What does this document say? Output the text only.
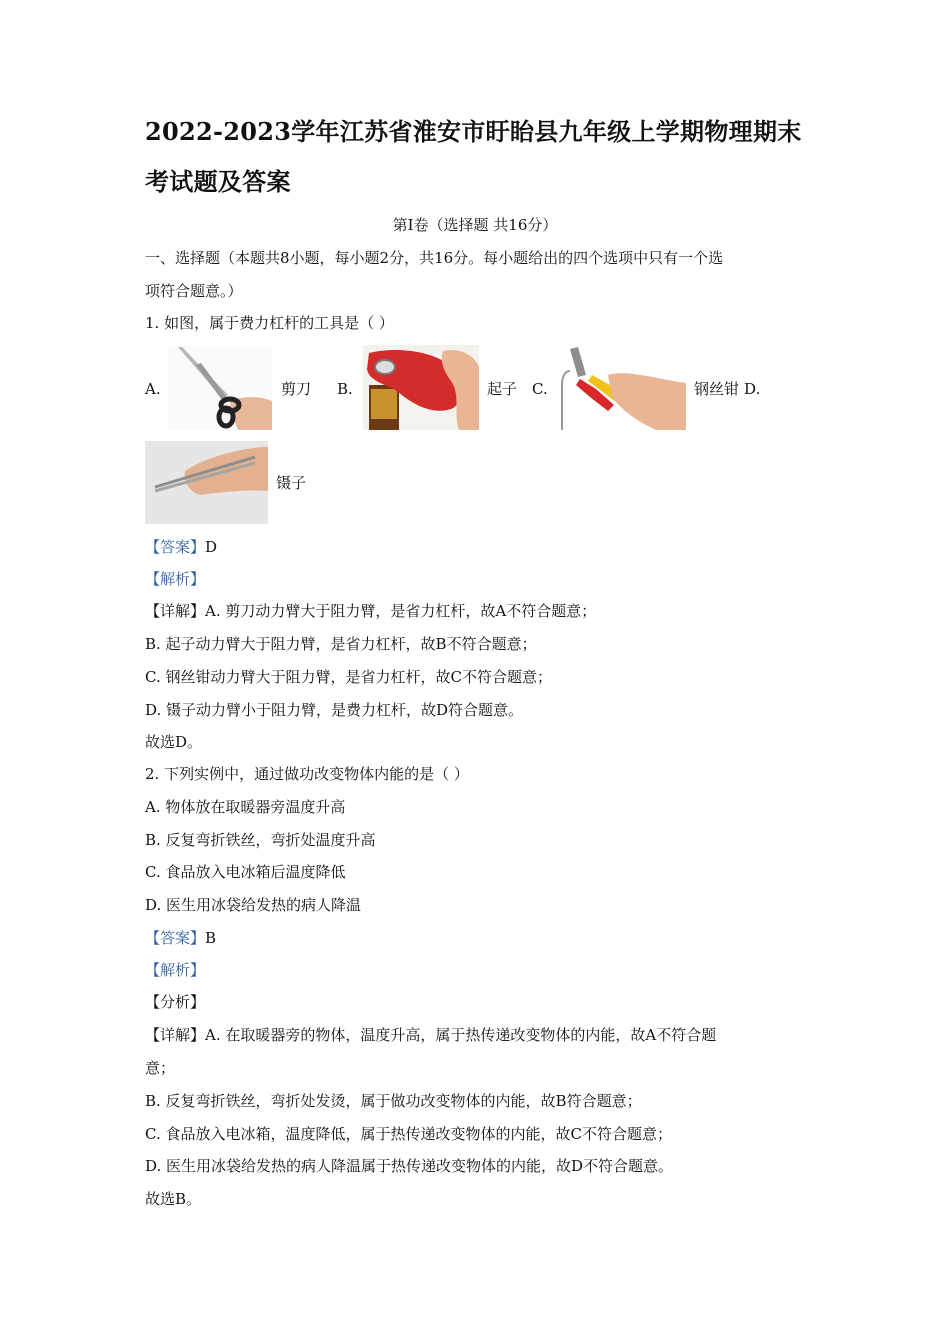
2022-2023学年江苏省淮安市盱眙县九年级上学期物理期末
考试题及答案
第Ⅰ卷（选择题 共16分）
一、选择题（本题共8小题，每小题2分，共16分。每小题给出的四个选项中只有一个选
项符合题意。）
1. 如图，属于费力杠杆的工具是（ ）
A.	剪刀 B.	起子 C.	钢丝钳 D.
镊子
【答案】D
【解析】
【详解】A. 剪刀动力臂大于阻力臂，是省力杠杆，故A不符合题意；
B. 起子动力臂大于阻力臂，是省力杠杆，故B不符合题意；
C. 钢丝钳动力臂大于阻力臂，是省力杠杆，故C不符合题意；
D. 镊子动力臂小于阻力臂，是费力杠杆，故D符合题意。
故选D。
2. 下列实例中，通过做功改变物体内能的是（ ）
A. 物体放在取暖器旁温度升高
B. 反复弯折铁丝，弯折处温度升高
C. 食品放入电冰箱后温度降低
D. 医生用冰袋给发热的病人降温
【答案】B
【解析】
【分析】
【详解】A. 在取暖器旁的物体，温度升高，属于热传递改变物体的内能，故A不符合题
意；
B. 反复弯折铁丝，弯折处发烫，属于做功改变物体的内能，故B符合题意；
C. 食品放入电冰箱，温度降低，属于热传递改变物体的内能，故C不符合题意；
D. 医生用冰袋给发热的病人降温属于热传递改变物体的内能，故D不符合题意。
故选B。
